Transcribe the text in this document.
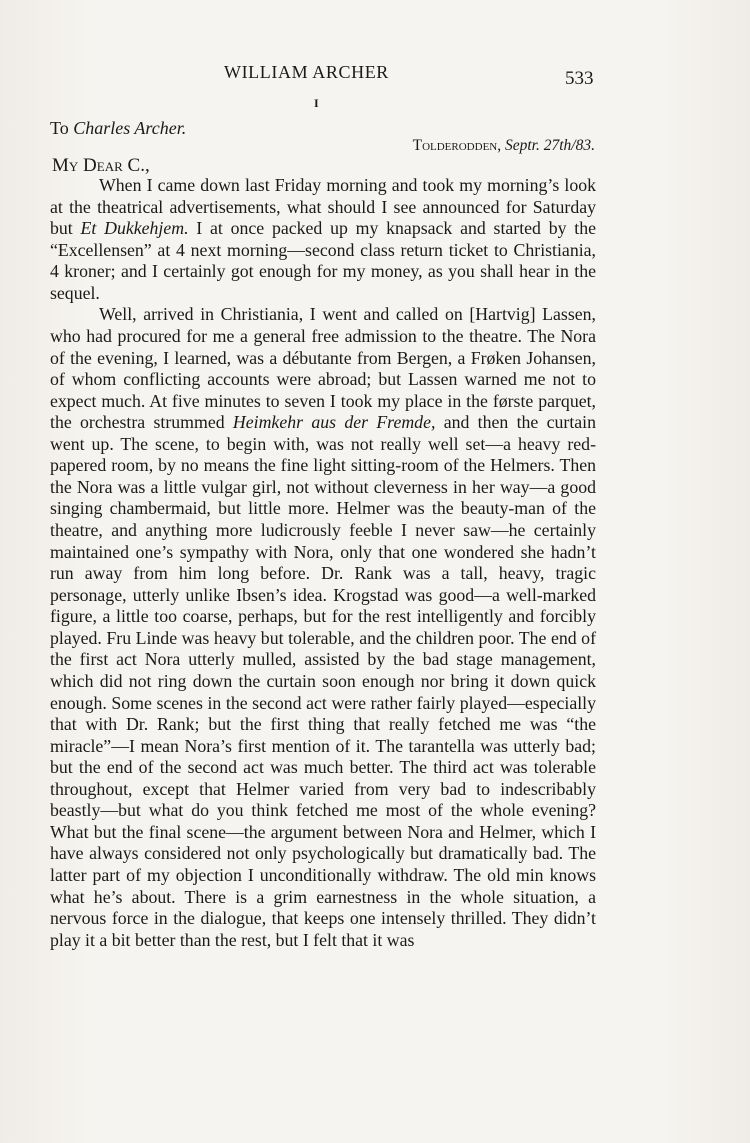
WILLIAM ARCHER	533
I
To Charles Archer.
Tolderodden, Septr. 27th/83.
My Dear C.,

When I came down last Friday morning and took my morning’s look at the theatrical advertisements, what should I see announced for Saturday but Et Dukkehjem. I at once packed up my knapsack and started by the “Excellensen” at 4 next morning—second class return ticket to Christiania, 4 kroner; and I certainly got enough for my money, as you shall hear in the sequel.

Well, arrived in Christiania, I went and called on [Hartvig] Lassen, who had procured for me a general free admission to the theatre. The Nora of the evening, I learned, was a débutante from Bergen, a Frøken Johansen, of whom conflicting accounts were abroad; but Lassen warned me not to expect much. At five minutes to seven I took my place in the første parquet, the orchestra strummed Heimkehr aus der Fremde, and then the curtain went up. The scene, to begin with, was not really well set—a heavy red-papered room, by no means the fine light sitting-room of the Helmers. Then the Nora was a little vulgar girl, not without cleverness in her way—a good singing chambermaid, but little more. Helmer was the beauty-man of the theatre, and anything more ludicrously feeble I never saw—he certainly maintained one’s sympathy with Nora, only that one wondered she hadn’t run away from him long before. Dr. Rank was a tall, heavy, tragic personage, utterly unlike Ibsen’s idea. Krogstad was good—a well-marked figure, a little too coarse, perhaps, but for the rest intelligently and forcibly played. Fru Linde was heavy but tolerable, and the children poor. The end of the first act Nora utterly mulled, assisted by the bad stage management, which did not ring down the curtain soon enough nor bring it down quick enough. Some scenes in the second act were rather fairly played—especially that with Dr. Rank; but the first thing that really fetched me was “the miracle”—I mean Nora’s first mention of it. The tarantella was utterly bad; but the end of the second act was much better. The third act was tolerable throughout, except that Helmer varied from very bad to indescribably beastly—but what do you think fetched me most of the whole evening? What but the final scene—the argument between Nora and Helmer, which I have always considered not only psychologically but dramatically bad. The latter part of my objection I unconditionally withdraw. The old min knows what he’s about. There is a grim earnestness in the whole situation, a nervous force in the dialogue, that keeps one intensely thrilled. They didn’t play it a bit better than the rest, but I felt that it was
